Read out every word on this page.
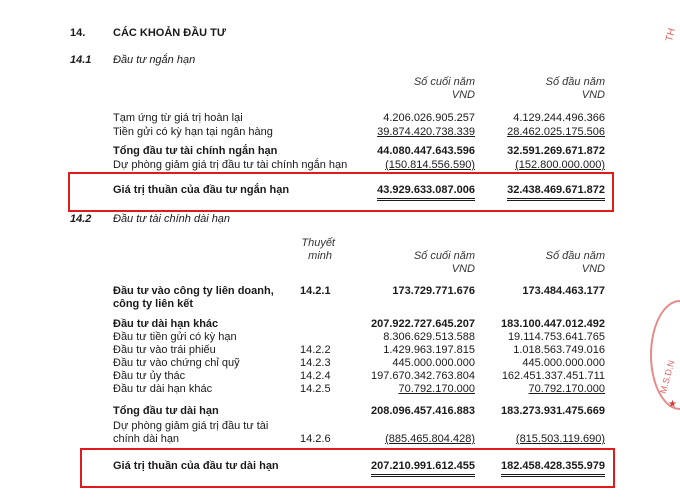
14.	CÁC KHOẢN ĐẦU TƯ
14.1 Đầu tư ngắn hạn
Số cuối năm
VND
Số đầu năm
VND
Tạm ứng từ giá trị hoàn lại	4.206.026.905.257	4.129.244.496.366
Tiền gửi có kỳ hạn tại ngân hàng	39.874.420.738.339	28.462.025.175.506
Tổng đầu tư tài chính ngắn hạn	44.080.447.643.596	32.591.269.671.872
Dự phòng giảm giá trị đầu tư tài chính ngắn hạn	(150.814.556.590)	(152.800.000.000)
Giá trị thuần của đầu tư ngắn hạn	43.929.633.087.006	32.438.469.671.872
14.2 Đầu tư tài chính dài hạn
Thuyết
minh	Số cuối năm
VND
Số đầu năm
VND
Đầu tư vào công ty liên doanh,
công ty liên kết
14.2.1	173.729.771.676	173.484.463.177
Đầu tư dài hạn khác	207.922.727.645.207 183.100.447.012.492
Đầu tư tiền gửi có kỳ hạn	8.306.629.513.588	19.114.753.641.765
Đầu tư vào trái phiếu	14.2.2	1.429.963.197.815	1.018.563.749.016
Đầu tư vào chứng chỉ quỹ	14.2.3	445.000.000.000	445.000.000.000
Đầu tư ủy thác	14.2.4	197.670.342.763.804 162.451.337.451.711
Đầu tư dài hạn khác	14.2.5	70.792.170.000	70.792.170.000
Tổng đầu tư dài hạn	208.096.457.416.883 183.273.931.475.669
Dự phòng giảm giá trị đầu tư tài
chính dài hạn	14.2.6	(885.465.804.428)	(815.503.119.690)
Giá trị thuần của đầu tư dài hạn	207.210.991.612.455 182.458.428.355.979
M.S.D.N
TH
★
